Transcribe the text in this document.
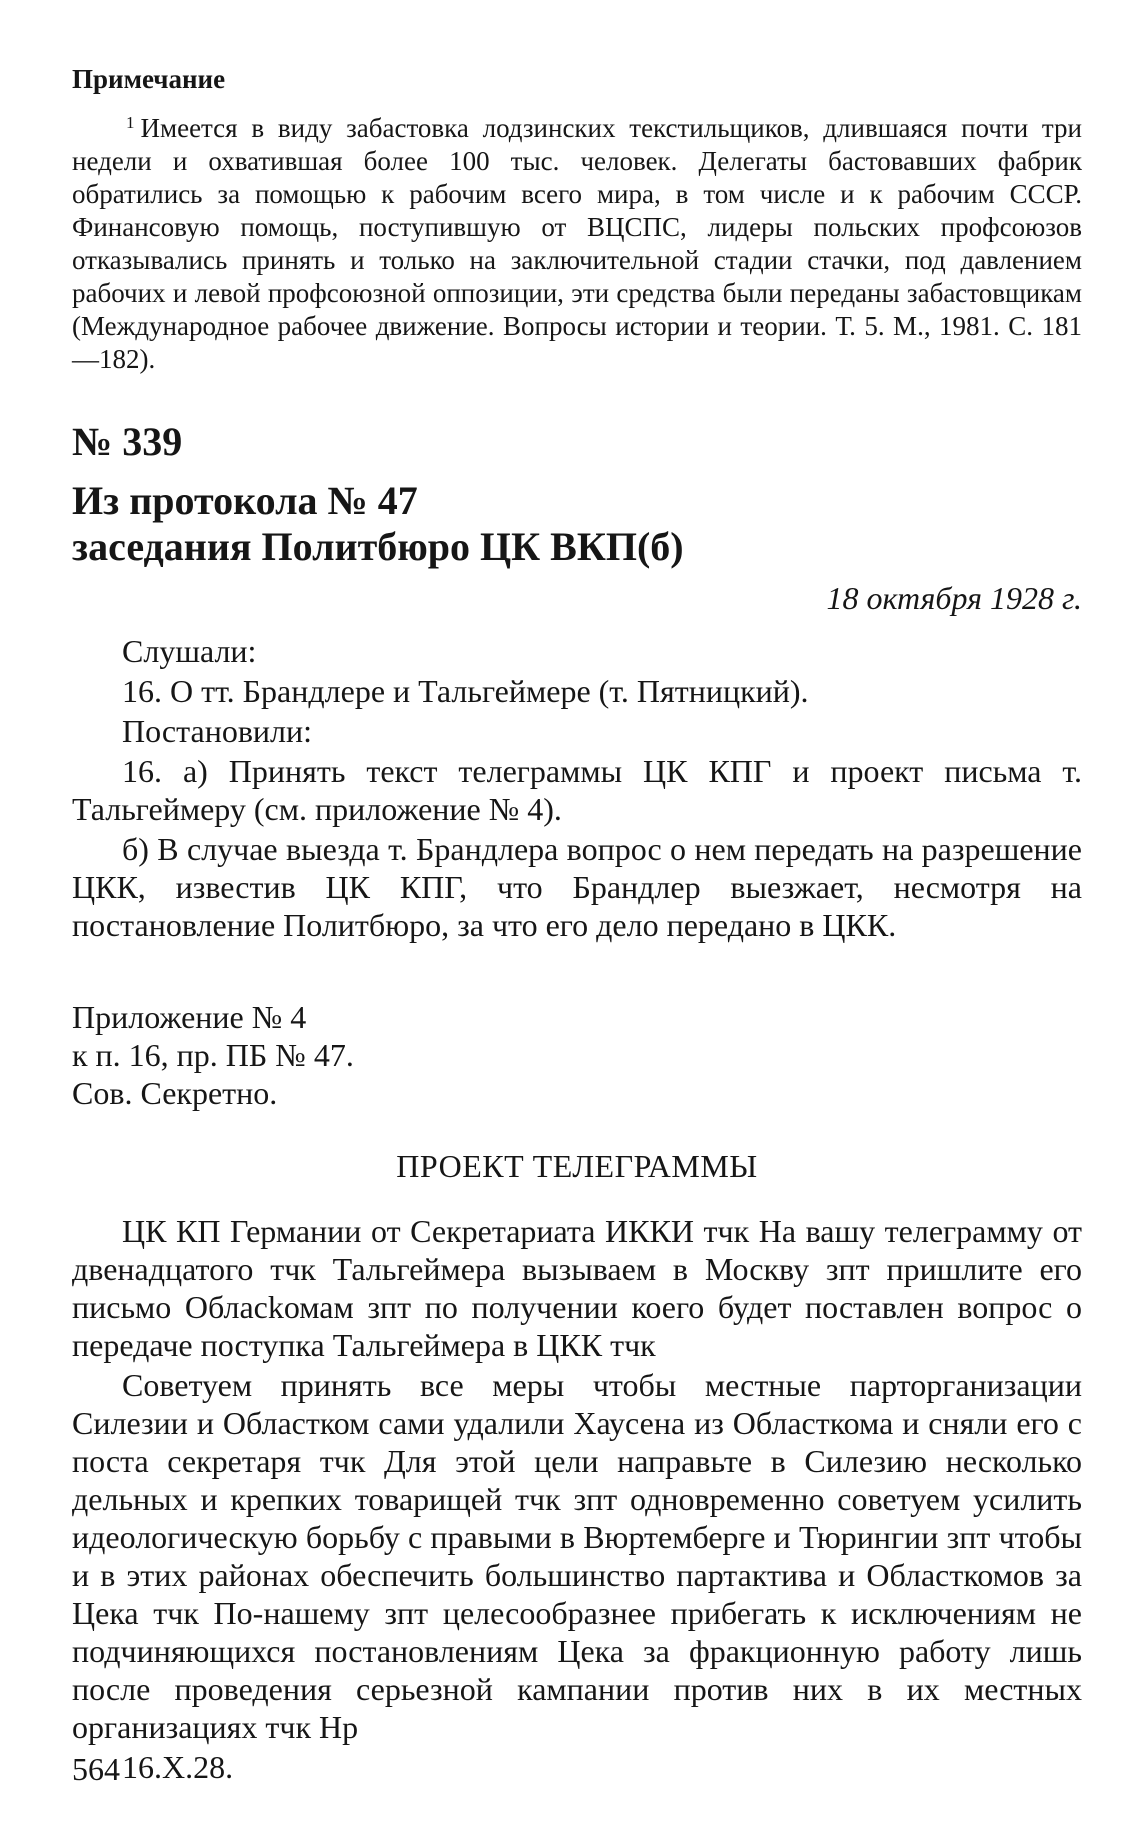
Примечание

$^1$ Имеется в виду забастовка лодзинских текстильщиков, длившаяся почти три недели и охватившая более 100 тыс. человек. Делегаты бастовавших фабрик обратились за помощью к рабочим всего мира, в том числе и к рабочим СССР. Финансовую помощь, поступившую от ВЦСПС, лидеры польских профсоюзов отказывались принять и только на заключительной стадии стачки, под давлением рабочих и левой профсоюзной оппозиции, эти средства были переданы забастовщикам (Международное рабочее движение. Вопросы истории и теории. Т. 5. М., 1981. С. 181—182).

№ 339
Из протокола № 47
заседания Политбюро ЦК ВКП(б)
18 октября 1928 г.
Слушали:
16. О тт. Брандлере и Тальгеймере (т. Пятницкий).
Постановили:

16. а) Принять текст телеграммы ЦК КПГ и проект письма т. Тальгеймеру (см. приложение № 4).

б) В случае выезда т. Брандлера вопрос о нем передать на разрешение ЦКК, известив ЦК КПГ, что Брандлер выезжает, несмотря на постановление Политбюро, за что его дело передано в ЦКК.

Приложение № 4
к п. 16, пр. ПБ № 47.
Сов. Секретно.
ПРОЕКТ ТЕЛЕГРАММЫ

ЦК КП Германии от Секретариата ИККИ тчк На вашу телеграмму от двенадцатого тчк Тальгеймера вызываем в Москву зпт пришлите его письмо Обласkомам зпт по получении коего будет поставлен вопрос о передаче поступка Тальгеймера в ЦКК тчк

Советуем принять все меры чтобы местные парторганизации Силезии и Областком сами удалили Хаусена из Областкома и сняли его с поста секретаря тчк Для этой цели направьте в Силезию несколько дельных и крепких товарищей тчк зпт одновременно советуем усилить идеологическую борьбу с правыми в Вюртемберге и Тюрингии зпт чтобы и в этих районах обеспечить большинство партактива и Областкомов за Цека тчк По-нашему зпт целесообразнее прибегать к исключениям не подчиняющихся постановлениям Цека за фракционную работу лишь после проведения серьезной кампании против них в их местных организациях тчк Нр

16.X.28.
564
